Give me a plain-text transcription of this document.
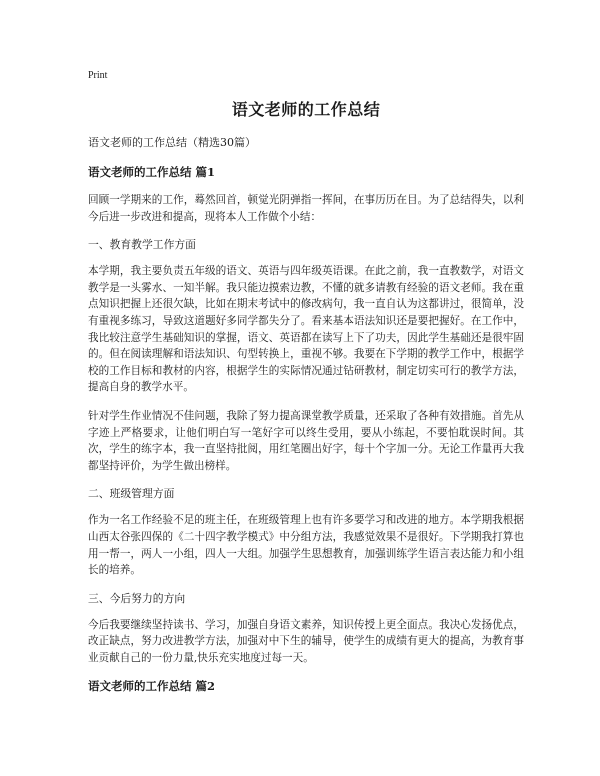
Print
语文老师的工作总结
语文老师的工作总结（精选30篇）
语文老师的工作总结 篇1

回顾一学期来的工作，蓦然回首，顿觉光阴弹指一挥间，在事历历在目。为了总结得失，以利今后进一步改进和提高，现将本人工作做个小结：

一、教育教学工作方面

本学期，我主要负责五年级的语文、英语与四年级英语课。在此之前，我一直教数学，对语文教学是一头雾水、一知半解。我只能边摸索边教，不懂的就多请教有经验的语文老师。我在重点知识把握上还很欠缺，比如在期末考试中的修改病句，我一直自认为这都讲过，很简单，没有重视多练习，导致这道题好多同学都失分了。看来基本语法知识还是要把握好。在工作中，我比较注意学生基础知识的掌握，语文、英语都在读写上下了功夫，因此学生基础还是很牢固的。但在阅读理解和语法知识、句型转换上，重视不够。我要在下学期的教学工作中，根据学校的工作目标和教材的内容，根据学生的实际情况通过钻研教材，制定切实可行的教学方法，提高自身的教学水平。

针对学生作业情况不佳问题，我除了努力提高课堂教学质量，还采取了各种有效措施。首先从字迹上严格要求，让他们明白写一笔好字可以终生受用，要从小练起，不要怕耽误时间。其次，学生的练字本，我一直坚持批阅，用红笔圈出好字，每十个字加一分。无论工作量再大我都坚持评价，为学生做出榜样。

二、班级管理方面

作为一名工作经验不足的班主任，在班级管理上也有许多要学习和改进的地方。本学期我根据山西太谷张四保的《二十四字教学模式》中分组方法，我感觉效果不是很好。下学期我打算也用一帮一，两人一小组，四人一大组。加强学生思想教育，加强训练学生语言表达能力和小组长的培养。

三、今后努力的方向

今后我要继续坚持读书、学习，加强自身语文素养，知识传授上更全面点。我决心发扬优点，改正缺点，努力改进教学方法，加强对中下生的辅导，使学生的成绩有更大的提高，为教育事业贡献自己的一份力量,快乐充实地度过每一天。

语文老师的工作总结 篇2
